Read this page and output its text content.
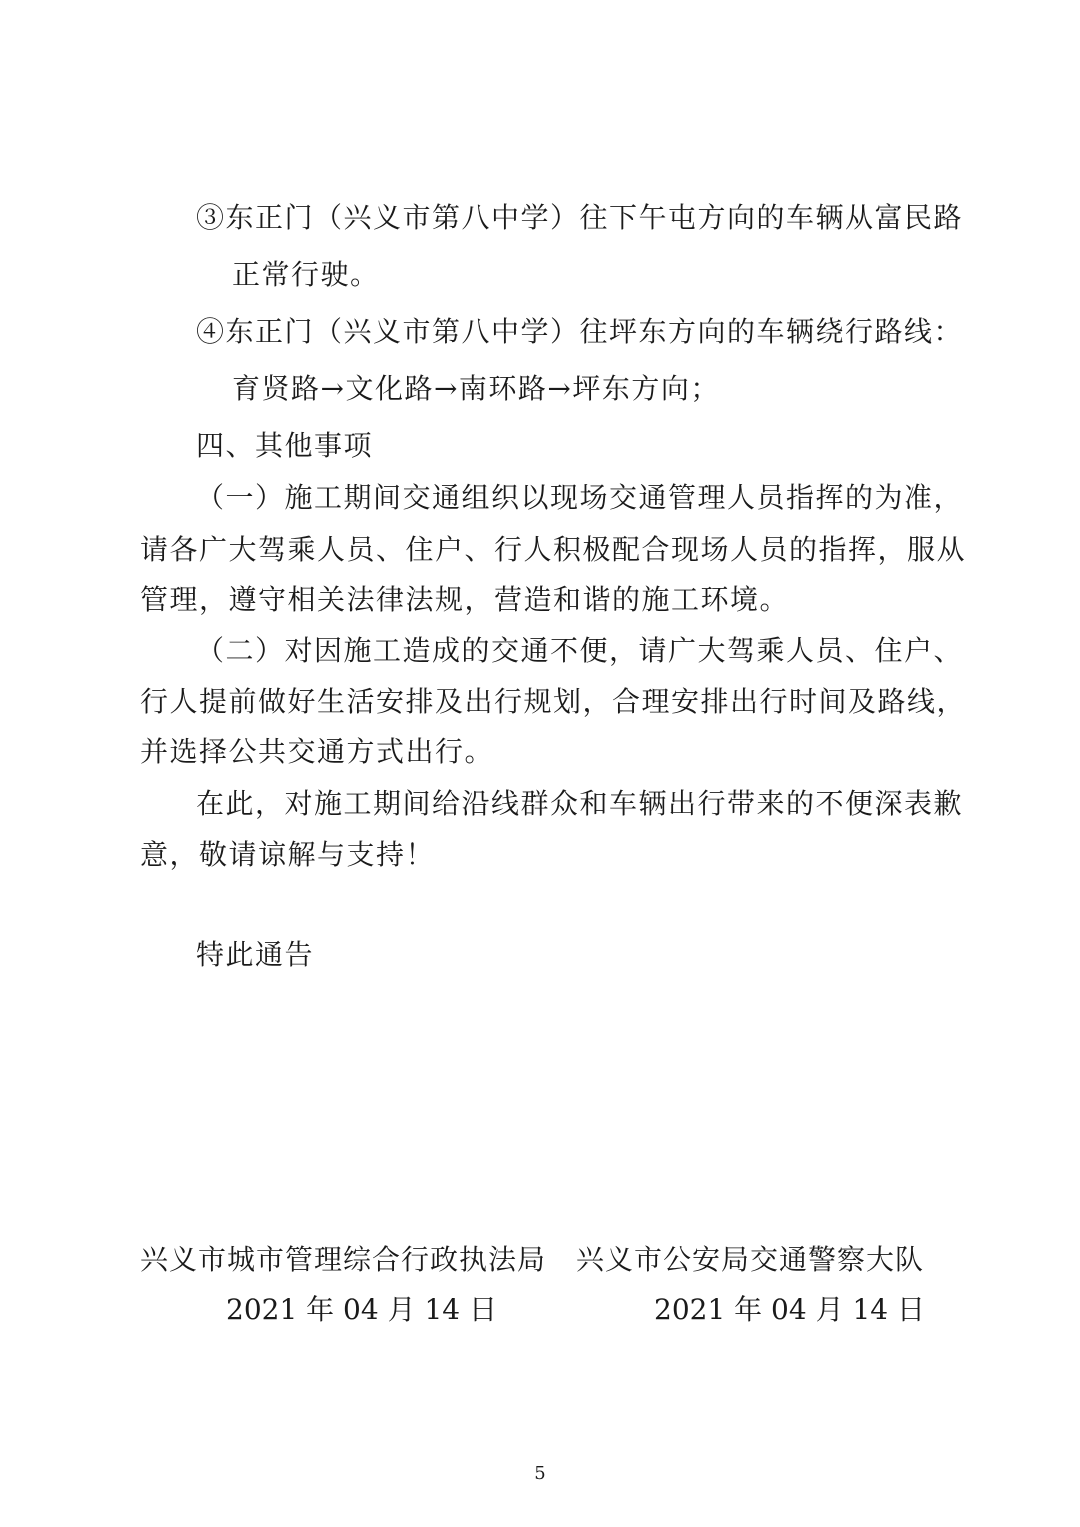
③东正门（兴义市第八中学）往下午屯方向的车辆从富民路
正常行驶。
④东正门（兴义市第八中学）往坪东方向的车辆绕行路线：
育贤路→文化路→南环路→坪东方向；
四、其他事项
（一）施工期间交通组织以现场交通管理人员指挥的为准，
请各广大驾乘人员、住户、行人积极配合现场人员的指挥，服从
管理，遵守相关法律法规，营造和谐的施工环境。
（二）对因施工造成的交通不便，请广大驾乘人员、住户、
行人提前做好生活安排及出行规划，合理安排出行时间及路线，
并选择公共交通方式出行。
在此，对施工期间给沿线群众和车辆出行带来的不便深表歉
意，敬请谅解与支持！
特此通告
兴义市城市管理综合行政执法局
2021 年 04 月 14 日
兴义市公安局交通警察大队
2021 年 04 月 14 日
5
